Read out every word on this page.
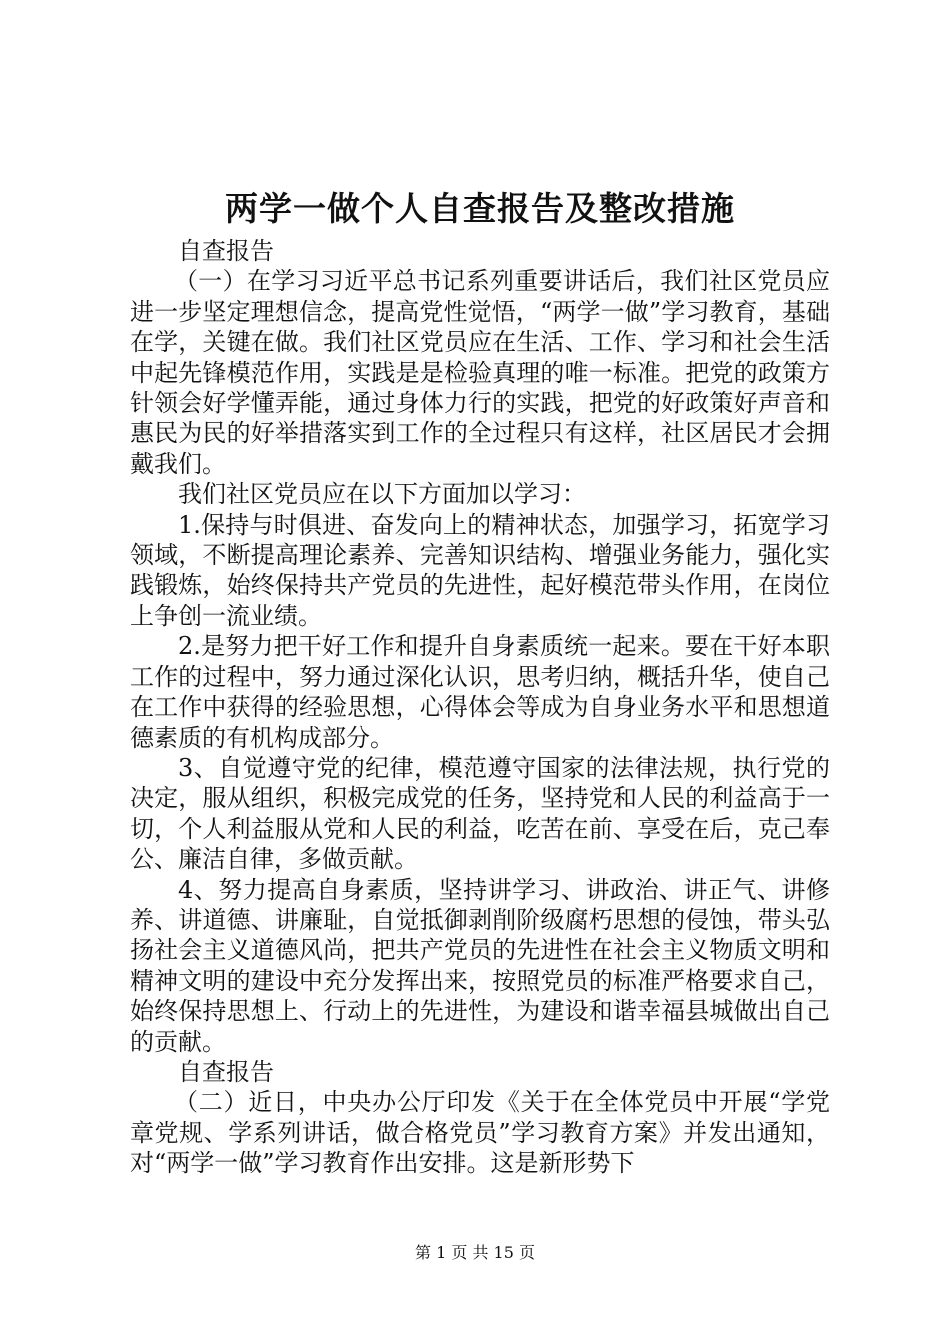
两学一做个人自查报告及整改措施

自查报告

（一）在学习习近平总书记系列重要讲话后，我们社区党员应进一步坚定理想信念，提高党性觉悟，“两学一做”学习教育，基础在学，关键在做。我们社区党员应在生活、工作、学习和社会生活中起先锋模范作用，实践是是检验真理的唯一标准。把党的政策方针领会好学懂弄能，通过身体力行的实践，把党的好政策好声音和惠民为民的好举措落实到工作的全过程只有这样，社区居民才会拥戴我们。

我们社区党员应在以下方面加以学习：

1.保持与时俱进、奋发向上的精神状态，加强学习，拓宽学习领域，不断提高理论素养、完善知识结构、增强业务能力，强化实践锻炼，始终保持共产党员的先进性，起好模范带头作用，在岗位上争创一流业绩。

2.是努力把干好工作和提升自身素质统一起来。要在干好本职工作的过程中，努力通过深化认识，思考归纳，概括升华，使自己在工作中获得的经验思想，心得体会等成为自身业务水平和思想道德素质的有机构成部分。

3、自觉遵守党的纪律，模范遵守国家的法律法规，执行党的决定，服从组织，积极完成党的任务，坚持党和人民的利益高于一切，个人利益服从党和人民的利益，吃苦在前、享受在后，克己奉公、廉洁自律，多做贡献。

4、努力提高自身素质，坚持讲学习、讲政治、讲正气、讲修养、讲道德、讲廉耻，自觉抵御剥削阶级腐朽思想的侵蚀，带头弘扬社会主义道德风尚，把共产党员的先进性在社会主义物质文明和精神文明的建设中充分发挥出来，按照党员的标准严格要求自己，始终保持思想上、行动上的先进性，为建设和谐幸福县城做出自己的贡献。

自查报告

（二）近日，中央办公厅印发《关于在全体党员中开展“学党章党规、学系列讲话，做合格党员”学习教育方案》并发出通知，对“两学一做”学习教育作出安排。这是新形势下

第 1 页 共 15 页
